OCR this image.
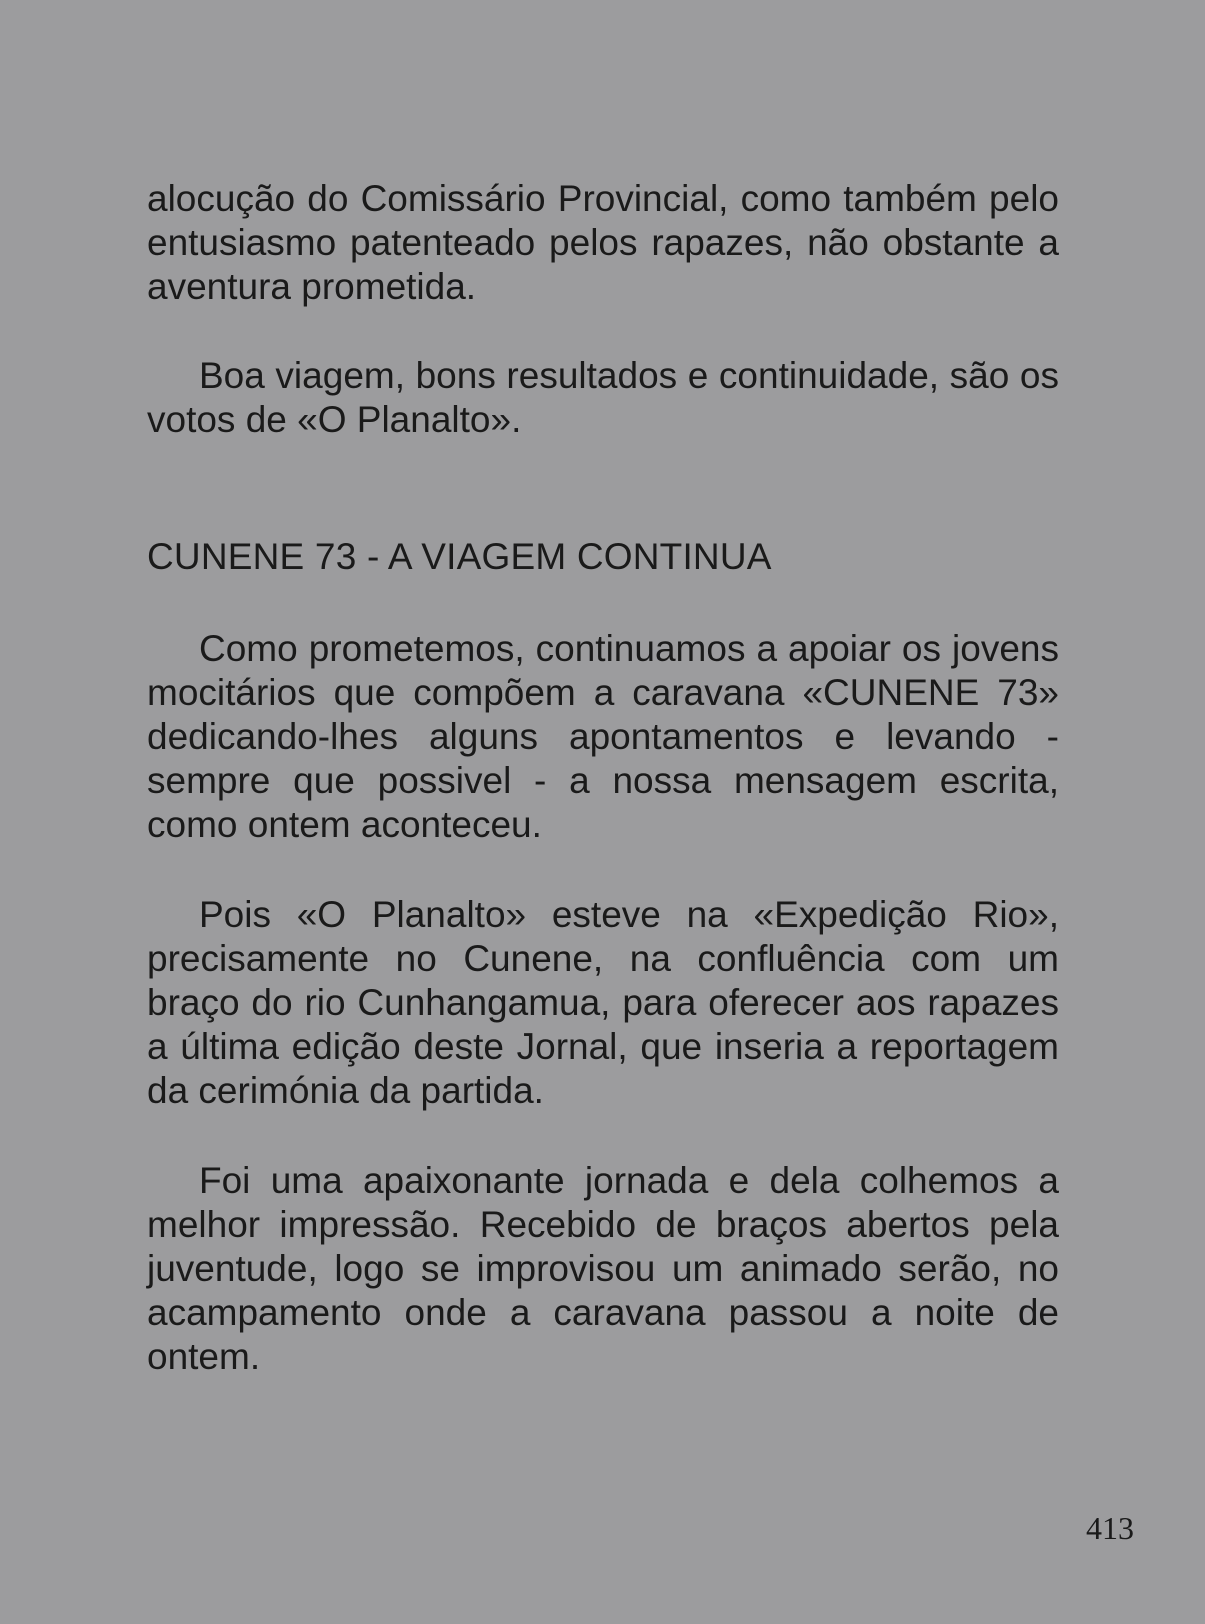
alocução do Comissário Provincial, como também pelo entusiasmo patenteado pelos rapazes, não obstante a aventura prometida.

Boa viagem, bons resultados e continuidade, são os votos de «O Planalto».

CUNENE 73 - A VIAGEM CONTINUA

Como prometemos, continuamos a apoiar os jovens mocitários que compõem a caravana «CUNENE 73» dedicando-lhes alguns apontamentos e levando - sempre que possivel - a nossa mensagem escrita, como ontem aconteceu.

Pois «O Planalto» esteve na «Expedição Rio», precisamente no Cunene, na confluência com um braço do rio Cunhangamua, para oferecer aos rapazes a última edição deste Jornal, que inseria a reportagem da cerimónia da partida.

Foi uma apaixonante jornada e dela colhemos a melhor impressão. Recebido de braços abertos pela juventude, logo se improvisou um animado serão, no acampamento onde a caravana passou a noite de ontem.

413
